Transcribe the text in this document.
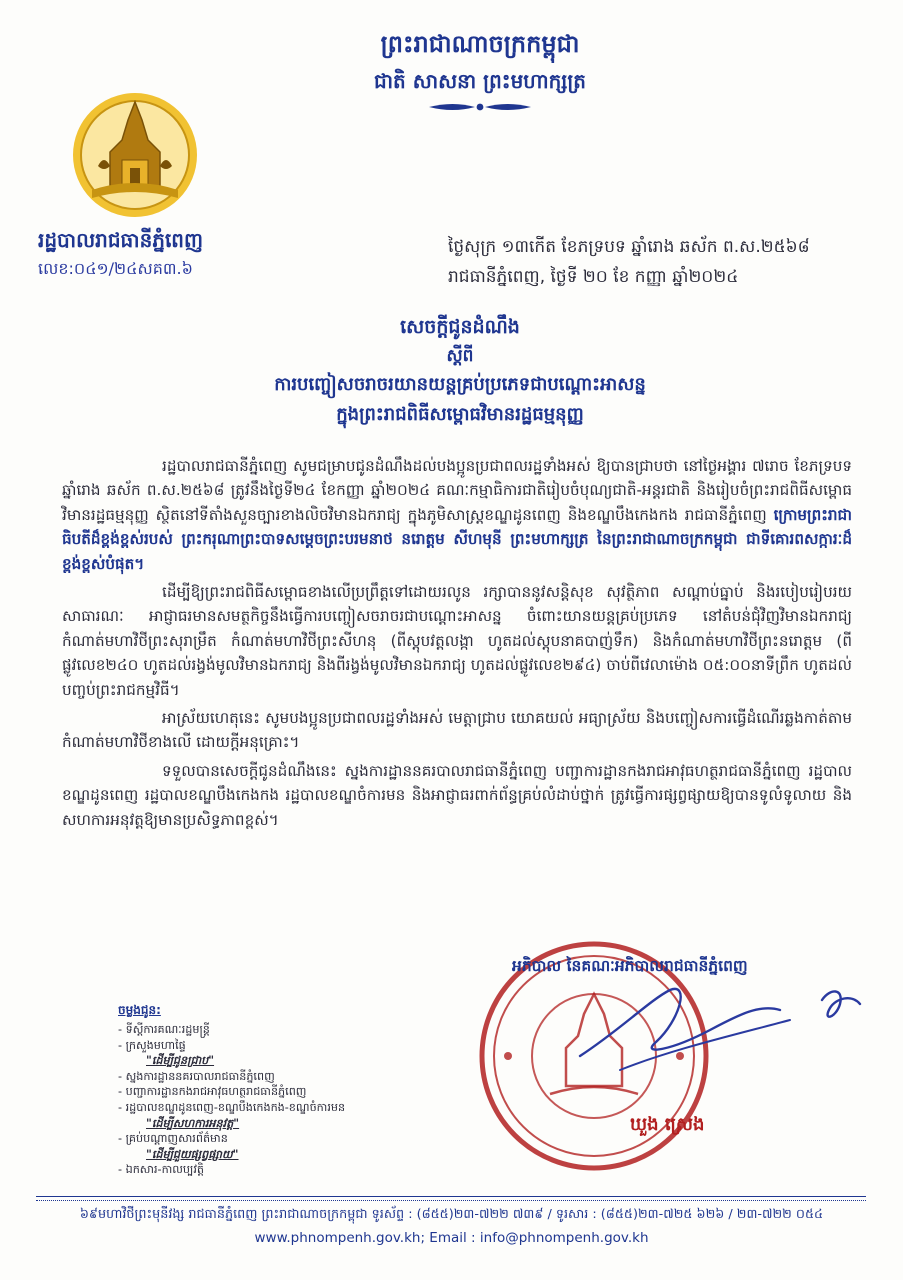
ព្រះរាជាណាចក្រកម្ពុជា
ជាតិ សាសនា ព្រះមហាក្សត្រ
រដ្ឋបាលរាជធានីភ្នំពេញ
លេខ:០៤១/២៤សគ៣.៦
ថ្ងៃសុក្រ ១៣កើត ខែភទ្របទ ឆ្នាំរោង ឆស័ក ព.ស.២៥៦៨
រាជធានីភ្នំពេញ, ថ្ងៃទី ២០ ខែ កញ្ញា ឆ្នាំ២០២៤
សេចក្តីជូនដំណឹង
ស្តីពី
ការបញ្ចៀសចរាចរយានយន្តគ្រប់ប្រភេទជាបណ្តោះអាសន្ន
ក្នុងព្រះរាជពិធីសម្ពោធវិមានរដ្ឋធម្មនុញ្ញ

រដ្ឋបាលរាជធានីភ្នំពេញ សូមជម្រាបជូនដំណឹងដល់បងប្អូនប្រជាពលរដ្ឋទាំងអស់ ឱ្យបានជ្រាបថា នៅថ្ងៃអង្គារ ៧រោច ខែភទ្របទ ឆ្នាំរោង ឆស័ក ព.ស.២៥៦៨ ត្រូវនឹងថ្ងៃទី២៤ ខែកញ្ញា ឆ្នាំ២០២៤ គណៈកម្មាធិការជាតិរៀបចំបុណ្យជាតិ-អន្តរជាតិ និងរៀបចំព្រះរាជពិធីសម្ពោធវិមានរដ្ឋធម្មនុញ្ញ ស្ថិតនៅទីតាំងសួនច្បារខាងលិចវិមានឯករាជ្យ ក្នុងភូមិសាស្ត្រខណ្ឌដូនពេញ និងខណ្ឌបឹងកេងកង រាជធានីភ្នំពេញ ក្រោមព្រះរាជាធិបតីដ៏ខ្ពង់ខ្ពស់របស់ ព្រះករុណាព្រះបាទសម្តេចព្រះបរមនាថ នរោត្តម សីហមុនី ព្រះមហាក្សត្រ នៃព្រះរាជាណាចក្រកម្ពុជា ជាទីគោរពសក្ការៈដ៏ខ្ពង់ខ្ពស់បំផុត។

ដើម្បីឱ្យព្រះរាជពិធីសម្ពោធខាងលើប្រព្រឹត្តទៅដោយរលូន រក្សាបាននូវសន្តិសុខ សុវត្ថិភាព សណ្តាប់ធ្នាប់ និងរបៀបរៀបរយសាធារណៈ អាជ្ញាធរមានសមត្ថកិច្ចនឹងធ្វើការបញ្ចៀសចរាចរជាបណ្តោះអាសន្ន ចំពោះយានយន្តគ្រប់ប្រភេទ នៅតំបន់ជុំវិញវិមានឯករាជ្យ កំណាត់មហាវិថីព្រះសុរាម្រឹត កំណាត់មហាវិថីព្រះសីហនុ (ពីស្តុបវត្តលង្កា ហូតដល់ស្តុបនាគបាញ់ទឹក) និងកំណាត់មហាវិថីព្រះនរោត្តម (ពីផ្លូវលេខ២៤០ ហូតដល់រង្វង់មូលវិមានឯករាជ្យ និងពីរង្វង់មូលវិមានឯករាជ្យ ហូតដល់ផ្លូវលេខ២៩៤) ចាប់ពីវេលាម៉ោង ០៥:០០នាទីព្រឹក ហូតដល់បញ្ចប់ព្រះរាជកម្មវិធី។

អាស្រ័យហេតុនេះ សូមបងប្អូនប្រជាពលរដ្ឋទាំងអស់ មេត្តាជ្រាប យោគយល់ អធ្យាស្រ័យ និងបញ្ចៀសការធ្វើដំណើរឆ្លងកាត់តាមកំណាត់មហាវិថីខាងលើ ដោយក្តីអនុគ្រោះ។

ទទួលបានសេចក្តីជូនដំណឹងនេះ ស្នងការដ្ឋាននគរបាលរាជធានីភ្នំពេញ បញ្ជាការដ្ឋានកងរាជអាវុធហត្ថរាជធានីភ្នំពេញ រដ្ឋបាលខណ្ឌដូនពេញ រដ្ឋបាលខណ្ឌបឹងកេងកង រដ្ឋបាលខណ្ឌចំការមន និងអាជ្ញាធរពាក់ព័ន្ធគ្រប់លំដាប់ថ្នាក់ ត្រូវធ្វើការផ្សព្វផ្សាយឱ្យបានទូលំទូលាយ និងសហការអនុវត្តឱ្យមានប្រសិទ្ធភាពខ្ពស់។

អភិបាល នៃគណៈអភិបាលរាជធានីភ្នំពេញ
ឃួង ស្រេង
ចម្លងជូន:
- ទីស្តីការគណៈរដ្ឋមន្ត្រី
- ក្រសួងមហាផ្ទៃ
"ដើម្បីជូនជ្រាប"
- ស្នងការដ្ឋាននគរបាលរាជធានីភ្នំពេញ
- បញ្ជាការដ្ឋានកងរាជអាវុធហត្ថរាជធានីភ្នំពេញ
- រដ្ឋបាលខណ្ឌដូនពេញ-ខណ្ឌបឹងកេងកង-ខណ្ឌចំការមន
"ដើម្បីសហការអនុវត្ត"
- គ្រប់បណ្តាញសារព័ត៌មាន
"ដើម្បីជួយផ្សព្វផ្សាយ"
- ឯកសារ-កាលប្បវត្តិ
៦៩មហាវិថីព្រះមុនីវង្ស រាជធានីភ្នំពេញ ព្រះរាជាណាចក្រកម្ពុជា ទូរស័ព្ទ : (៨៥៥)២៣-៧២២ ៧៣៩ / ទូរសារ : (៨៥៥)២៣-៧២៥ ៦២៦ / ២៣-៧២២ ០៥៤
www.phnompenh.gov.kh; Email : info@phnompenh.gov.kh
